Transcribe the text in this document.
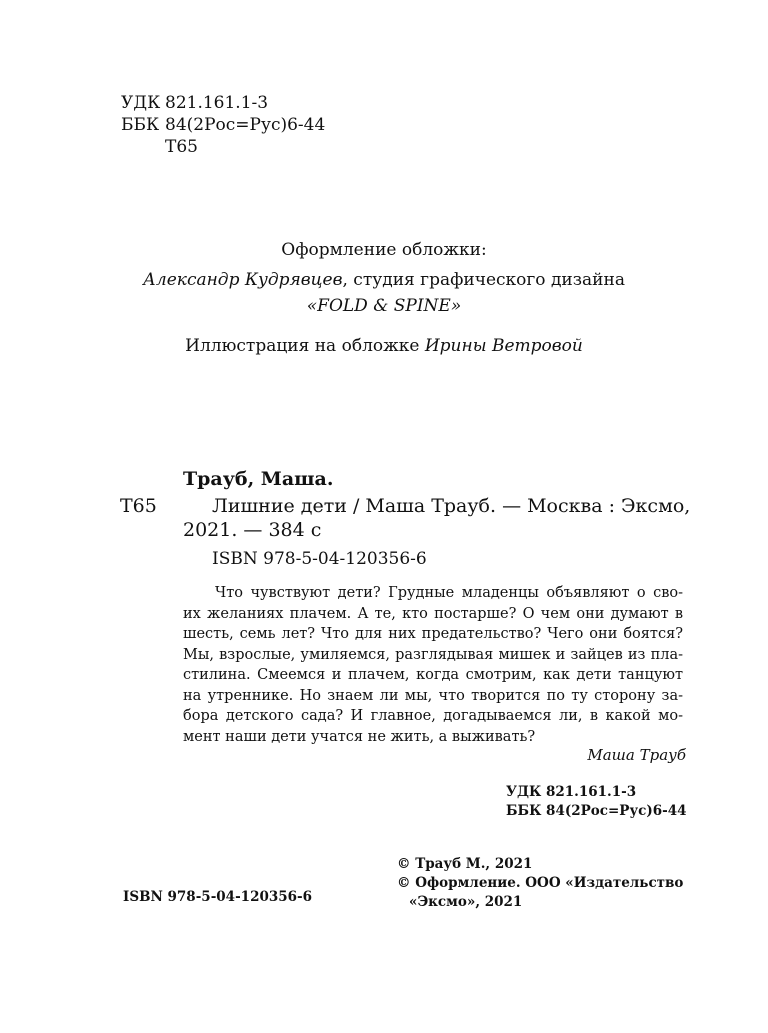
УДК 821.161.1-3
ББК 84(2Рос=Рус)6-44
Т65
Оформление обложки:
Александр Кудрявцев, студия графического дизайна
«FOLD & SPINE»
Иллюстрация на обложке Ирины Ветровой
Трауб, Маша.
Т65	Лишние дети / Маша Трауб. — Москва : Эксмо,
2021. — 384 с
ISBN 978-5-04-120356-6
Что чувствуют дети? Грудные младенцы объявляют о сво-
их желаниях плачем. А те, кто постарше? О чем они думают в
шесть, семь лет? Что для них предательство? Чего они боятся?
Мы, взрослые, умиляемся, разглядывая мишек и зайцев из пла-
стилина. Смеемся и плачем, когда смотрим, как дети танцуют
на утреннике. Но знаем ли мы, что творится по ту сторону за-
бора детского сада? И главное, догадываемся ли, в какой мо-
мент наши дети учатся не жить, а выживать?
Маша Трауб
УДК 821.161.1-3
ББК 84(2Рос=Рус)6-44
ISBN 978-5-04-120356-6
© Трауб М., 2021
© Оформление. ООО «Издательство
«Эксмо», 2021
